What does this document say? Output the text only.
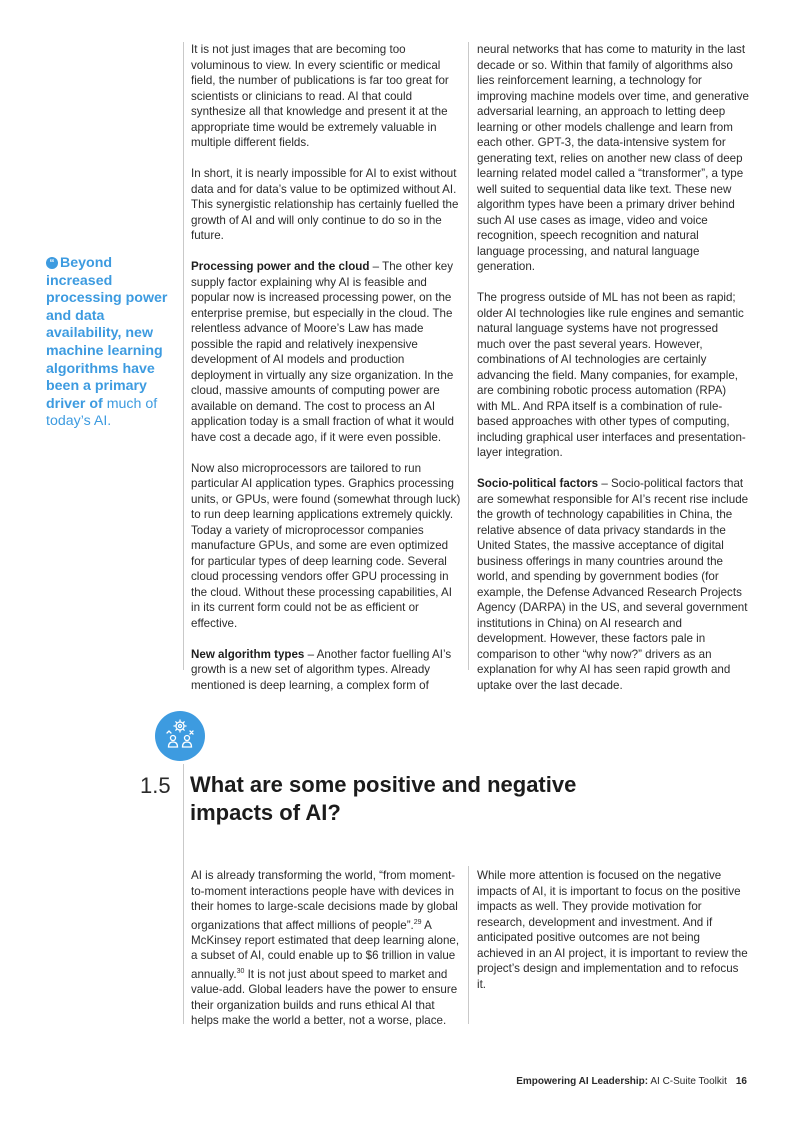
“ Beyond increased processing power and data availability, new machine learning algorithms have been a primary driver of much of today’s AI.

It is not just images that are becoming too voluminous to view. In every scientific or medical field, the number of publications is far too great for scientists or clinicians to read. AI that could synthesize all that knowledge and present it at the appropriate time would be extremely valuable in multiple different fields.

In short, it is nearly impossible for AI to exist without data and for data’s value to be optimized without AI. This synergistic relationship has certainly fuelled the growth of AI and will only continue to do so in the future.

Processing power and the cloud – The other key supply factor explaining why AI is feasible and popular now is increased processing power, on the enterprise premise, but especially in the cloud. The relentless advance of Moore’s Law has made possible the rapid and relatively inexpensive development of AI models and production deployment in virtually any size organization. In the cloud, massive amounts of computing power are available on demand. The cost to process an AI application today is a small fraction of what it would have cost a decade ago, if it were even possible.

Now also microprocessors are tailored to run particular AI application types. Graphics processing units, or GPUs, were found (somewhat through luck) to run deep learning applications extremely quickly. Today a variety of microprocessor companies manufacture GPUs, and some are even optimized for particular types of deep learning code. Several cloud processing vendors offer GPU processing in the cloud. Without these processing capabilities, AI in its current form could not be as efficient or effective.

New algorithm types – Another factor fuelling AI’s growth is a new set of algorithm types. Already mentioned is deep learning, a complex form of

neural networks that has come to maturity in the last decade or so. Within that family of algorithms also lies reinforcement learning, a technology for improving machine models over time, and generative adversarial learning, an approach to letting deep learning or other models challenge and learn from each other. GPT-3, the data-intensive system for generating text, relies on another new class of deep learning related model called a “transformer”, a type well suited to sequential data like text. These new algorithm types have been a primary driver behind such AI use cases as image, video and voice recognition, speech recognition and natural language processing, and natural language generation.

The progress outside of ML has not been as rapid; older AI technologies like rule engines and semantic natural language systems have not progressed much over the past several years. However, combinations of AI technologies are certainly advancing the field. Many companies, for example, are combining robotic process automation (RPA) with ML. And RPA itself is a combination of rule-based approaches with other types of computing, including graphical user interfaces and presentation-layer integration.

Socio-political factors – Socio-political factors that are somewhat responsible for AI’s recent rise include the growth of technology capabilities in China, the relative absence of data privacy standards in the United States, the massive acceptance of digital business offerings in many countries around the world, and spending by government bodies (for example, the Defense Advanced Research Projects Agency (DARPA) in the US, and several government institutions in China) on AI research and development. However, these factors pale in comparison to other “why now?” drivers as an explanation for why AI has seen rapid growth and uptake over the last decade.

1.5 What are some positive and negative impacts of AI?

AI is already transforming the world, “from moment-to-moment interactions people have with devices in their homes to large-scale decisions made by global organizations that affect millions of people”.$^{29}$ A McKinsey report estimated that deep learning alone, a subset of AI, could enable up to $6 trillion in value annually.$^{30}$ It is not just about speed to market and value-add. Global leaders have the power to ensure their organization builds and runs ethical AI that helps make the world a better, not a worse, place.

While more attention is focused on the negative impacts of AI, it is important to focus on the positive impacts as well. They provide motivation for research, development and investment. And if anticipated positive outcomes are not being achieved in an AI project, it is important to review the project’s design and implementation and to refocus it.

Empowering AI Leadership: AI C-Suite Toolkit 16
